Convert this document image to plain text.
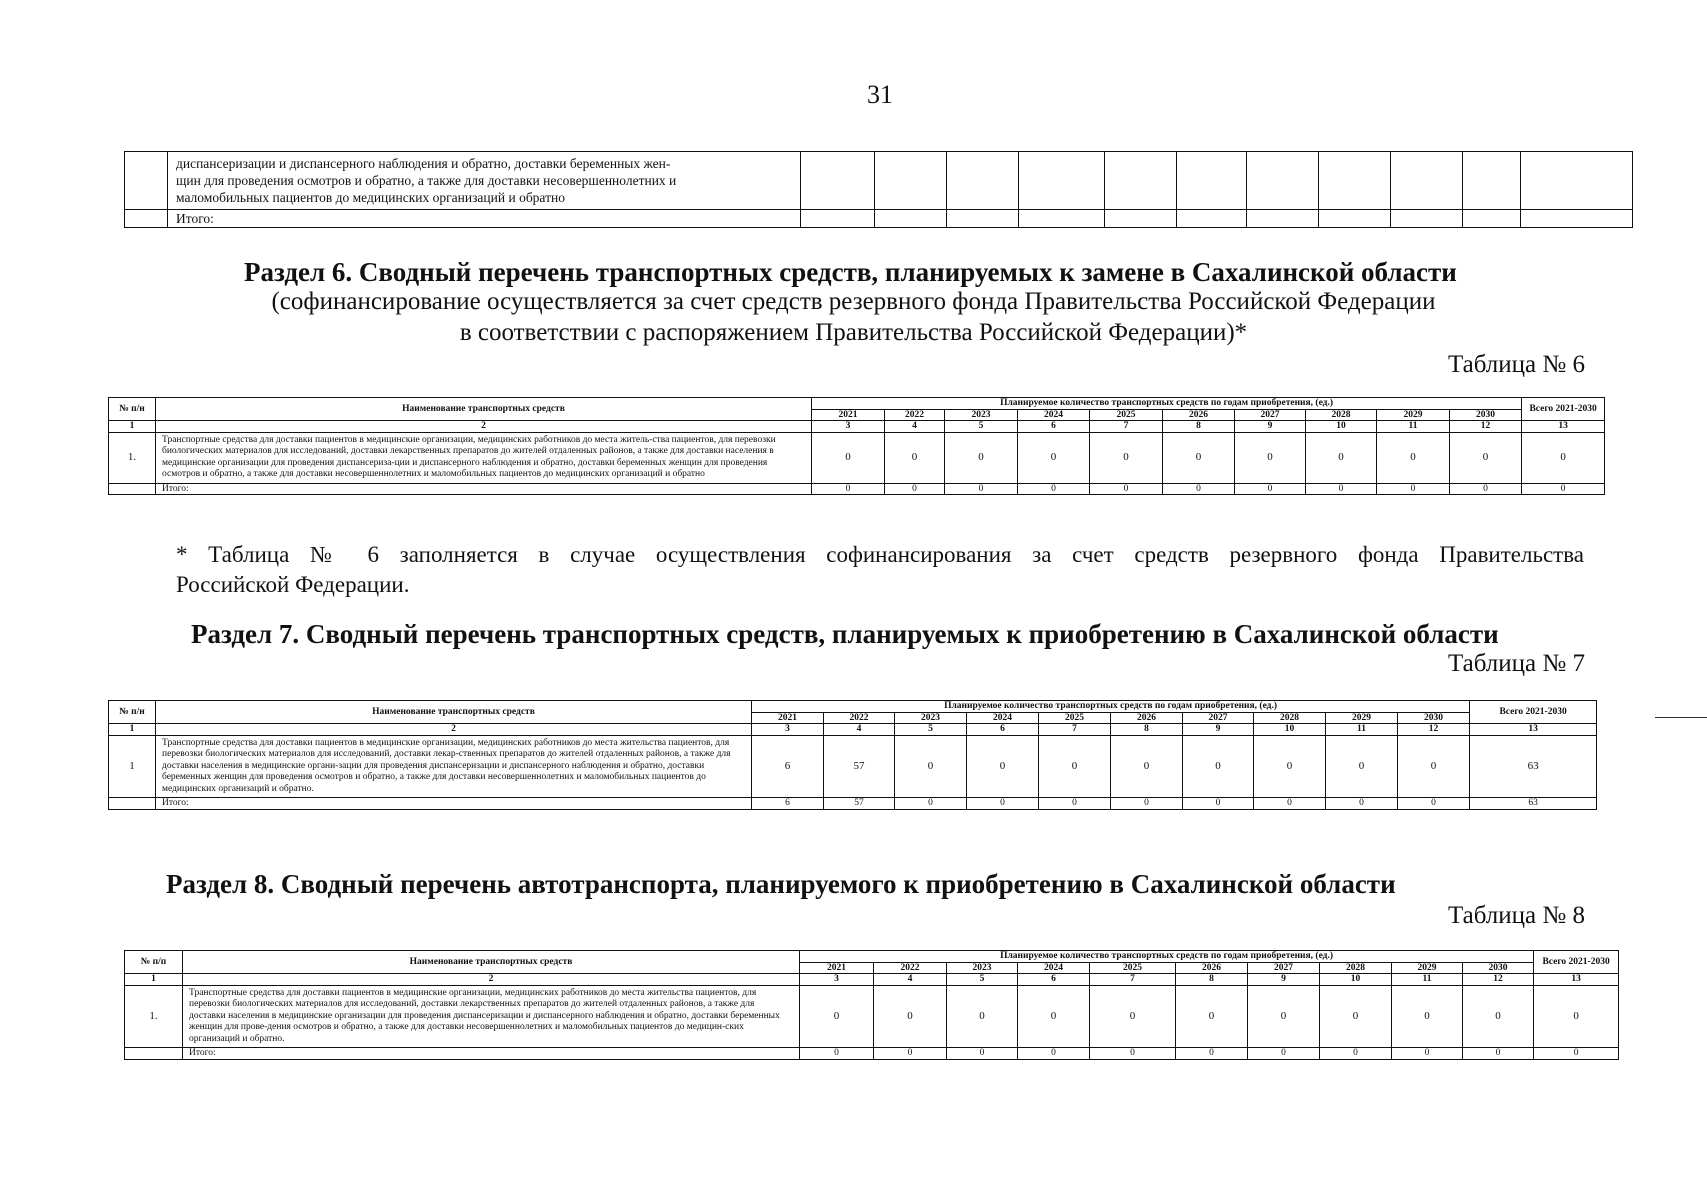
31

	диспансеризации и диспансерного наблюдения и обратно, доставки беременных жен-
щин для проведения осмотров и обратно, а также для доставки несовершеннолетних и
маломобильных пациентов до медицинских организаций и обратно											

	Итого:											
Раздел 6. Сводный перечень транспортных средств, планируемых к замене в Сахалинской области
(софинансирование осуществляется за счет средств резервного фонда Правительства Российской Федерации
в соответствии с распоряжением Правительства Российской Федерации)*
Таблица № 6
№ п/н	Наименование транспортных средств	Планируемое количество транспортных средств по годам приобретения, (ед.)										Всего 2021-2030
		2021	2022	2023	2024	2025	2026	2027	2028	2029	2030	
1	2	3	4	5	6	7	8	9	10	11	12	13
1.	Транспортные средства для доставки пациентов в медицинские организации, медицинских работников до места житель-ства пациентов, для перевозки биологических материалов для исследований, доставки лекарственных препаратов до жителей отдаленных районов, а также для доставки населения в медицинские организации для проведения диспансериза-ции и диспансерного наблюдения и обратно, доставки беременных женщин для проведения осмотров и обратно, а также для доставки несовершеннолетних и маломобильных пациентов до медицинских организаций и обратно	0	0	0	0	0	0	0	0	0	0	0
	Итого:	0	0	0	0	0	0	0	0	0	0	0
* Таблица № 6 заполняется в случае осуществления софинансирования за счет средств резервного фонда Правительства
Российской Федерации.
Раздел 7. Сводный перечень транспортных средств, планируемых к приобретению в Сахалинской области
Таблица № 7
№ п/н	Наименование транспортных средств	Планируемое количество транспортных средств по годам приобретения, (ед.)										Всего 2021-2030
		2021	2022	2023	2024	2025	2026	2027	2028	2029	2030	
1	2	3	4	5	6	7	8	9	10	11	12	13
1	Транспортные средства для доставки пациентов в медицинские организации, медицинских работников до места жительства пациентов, для перевозки биологических материалов для исследований, доставки лекар-ственных препаратов до жителей отдаленных районов, а также для доставки населения в медицинские органи-зации для проведения диспансеризации и диспансерного наблюдения и обратно, доставки беременных женщин для проведения осмотров и обратно, а также для доставки несовершеннолетних и маломобильных пациентов до медицинских организаций и обратно.	6	57	0	0	0	0	0	0	0	0	63
	Итого:	6	57	0	0	0	0	0	0	0	0	63
Раздел 8. Сводный перечень автотранспорта, планируемого к приобретению в Сахалинской области
Таблица № 8
№ п/п	Наименование транспортных средств	Планируемое количество транспортных средств по годам приобретения, (ед.)										Всего 2021-2030
		2021	2022	2023	2024	2025	2026	2027	2028	2029	2030	
1	2	3	4	5	6	7	8	9	10	11	12	13
1.	Транспортные средства для доставки пациентов в медицинские организации, медицинских работников до места жительства пациентов, для перевозки биологических материалов для исследований, доставки лекарственных препаратов до жителей отдаленных районов, а также для доставки населения в медицинские организации для проведения диспансеризации и диспансерного наблюдения и обратно, доставки беременных женщин для прове-дения осмотров и обратно, а также для доставки несовершеннолетних и маломобильных пациентов до медицин-ских организаций и обратно.	0	0	0	0	0	0	0	0	0	0	0
	Итого:	0	0	0	0	0	0	0	0	0	0	0
